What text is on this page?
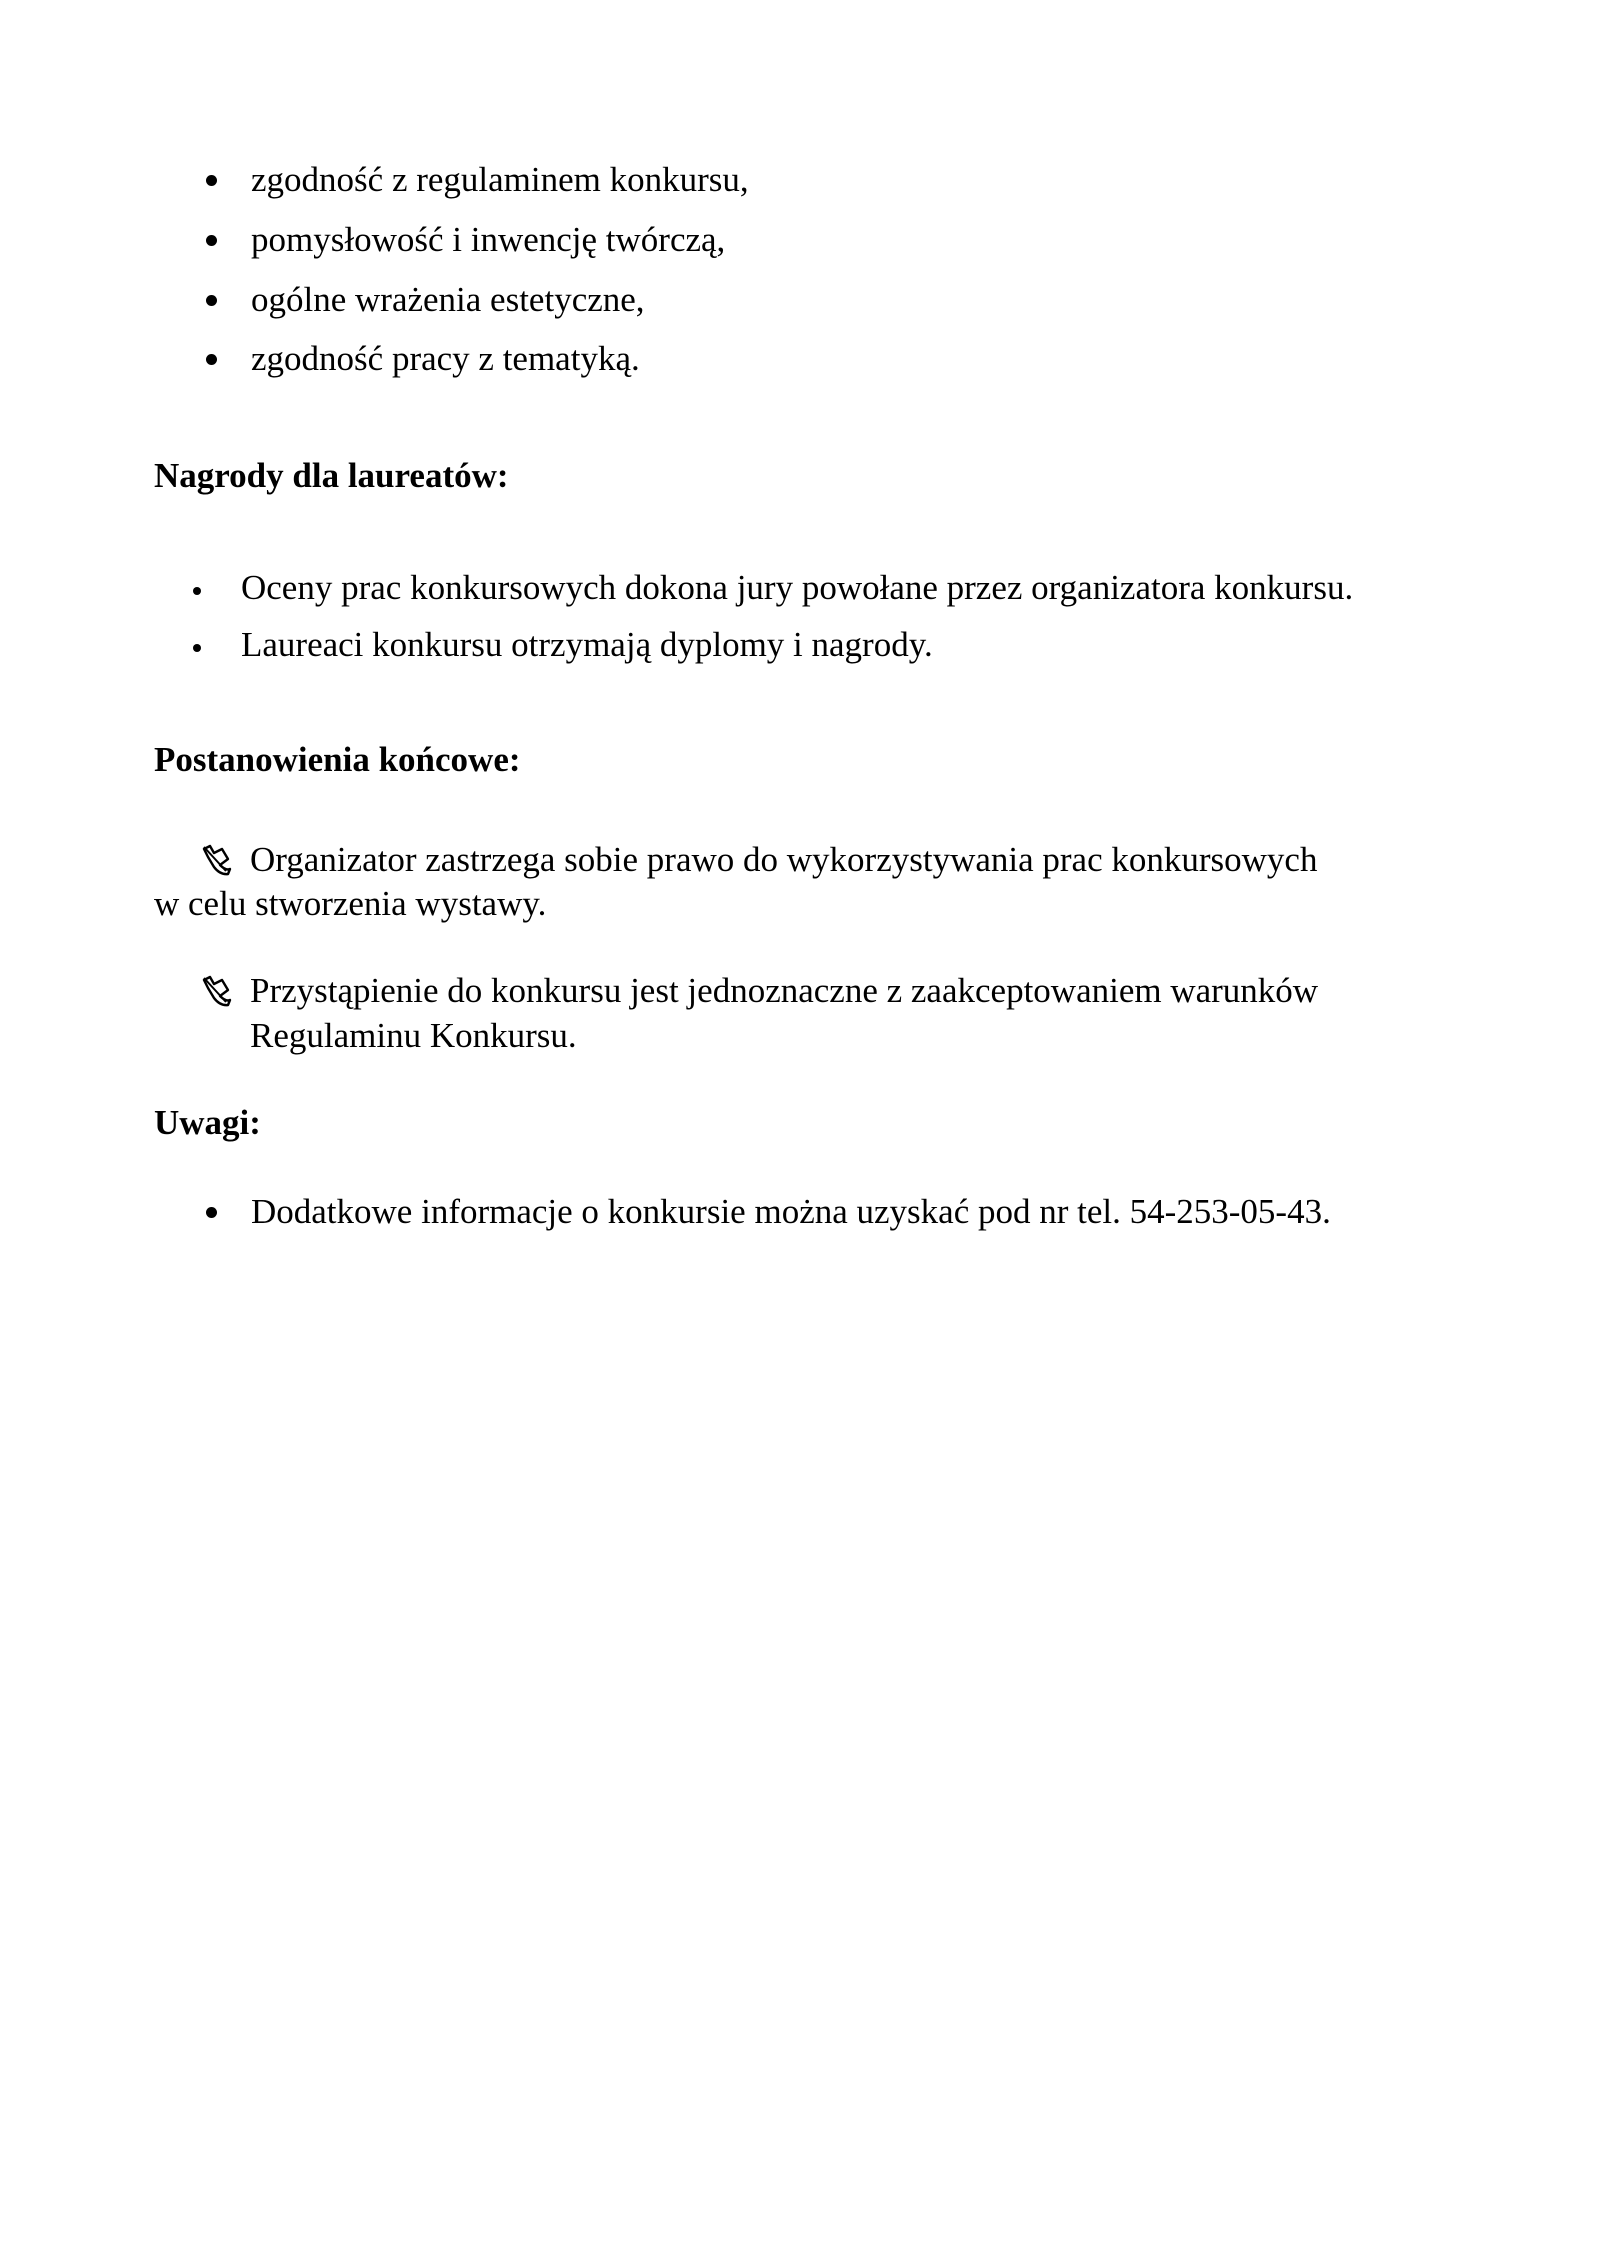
zgodność z regulaminem konkursu,
pomysłowość i inwencję twórczą,
ogólne wrażenia estetyczne,
zgodność pracy z tematyką.
Nagrody dla laureatów:
Oceny prac konkursowych dokona jury powołane przez organizatora konkursu.
Laureaci konkursu otrzymają dyplomy i nagrody.
Postanowienia końcowe:
Organizator zastrzega sobie prawo do wykorzystywania prac konkursowych
w celu stworzenia wystawy.
Przystąpienie do konkursu jest jednoznaczne z zaakceptowaniem warunków
Regulaminu Konkursu.
Uwagi:
Dodatkowe informacje o konkursie można uzyskać pod nr tel. 54-253-05-43.
